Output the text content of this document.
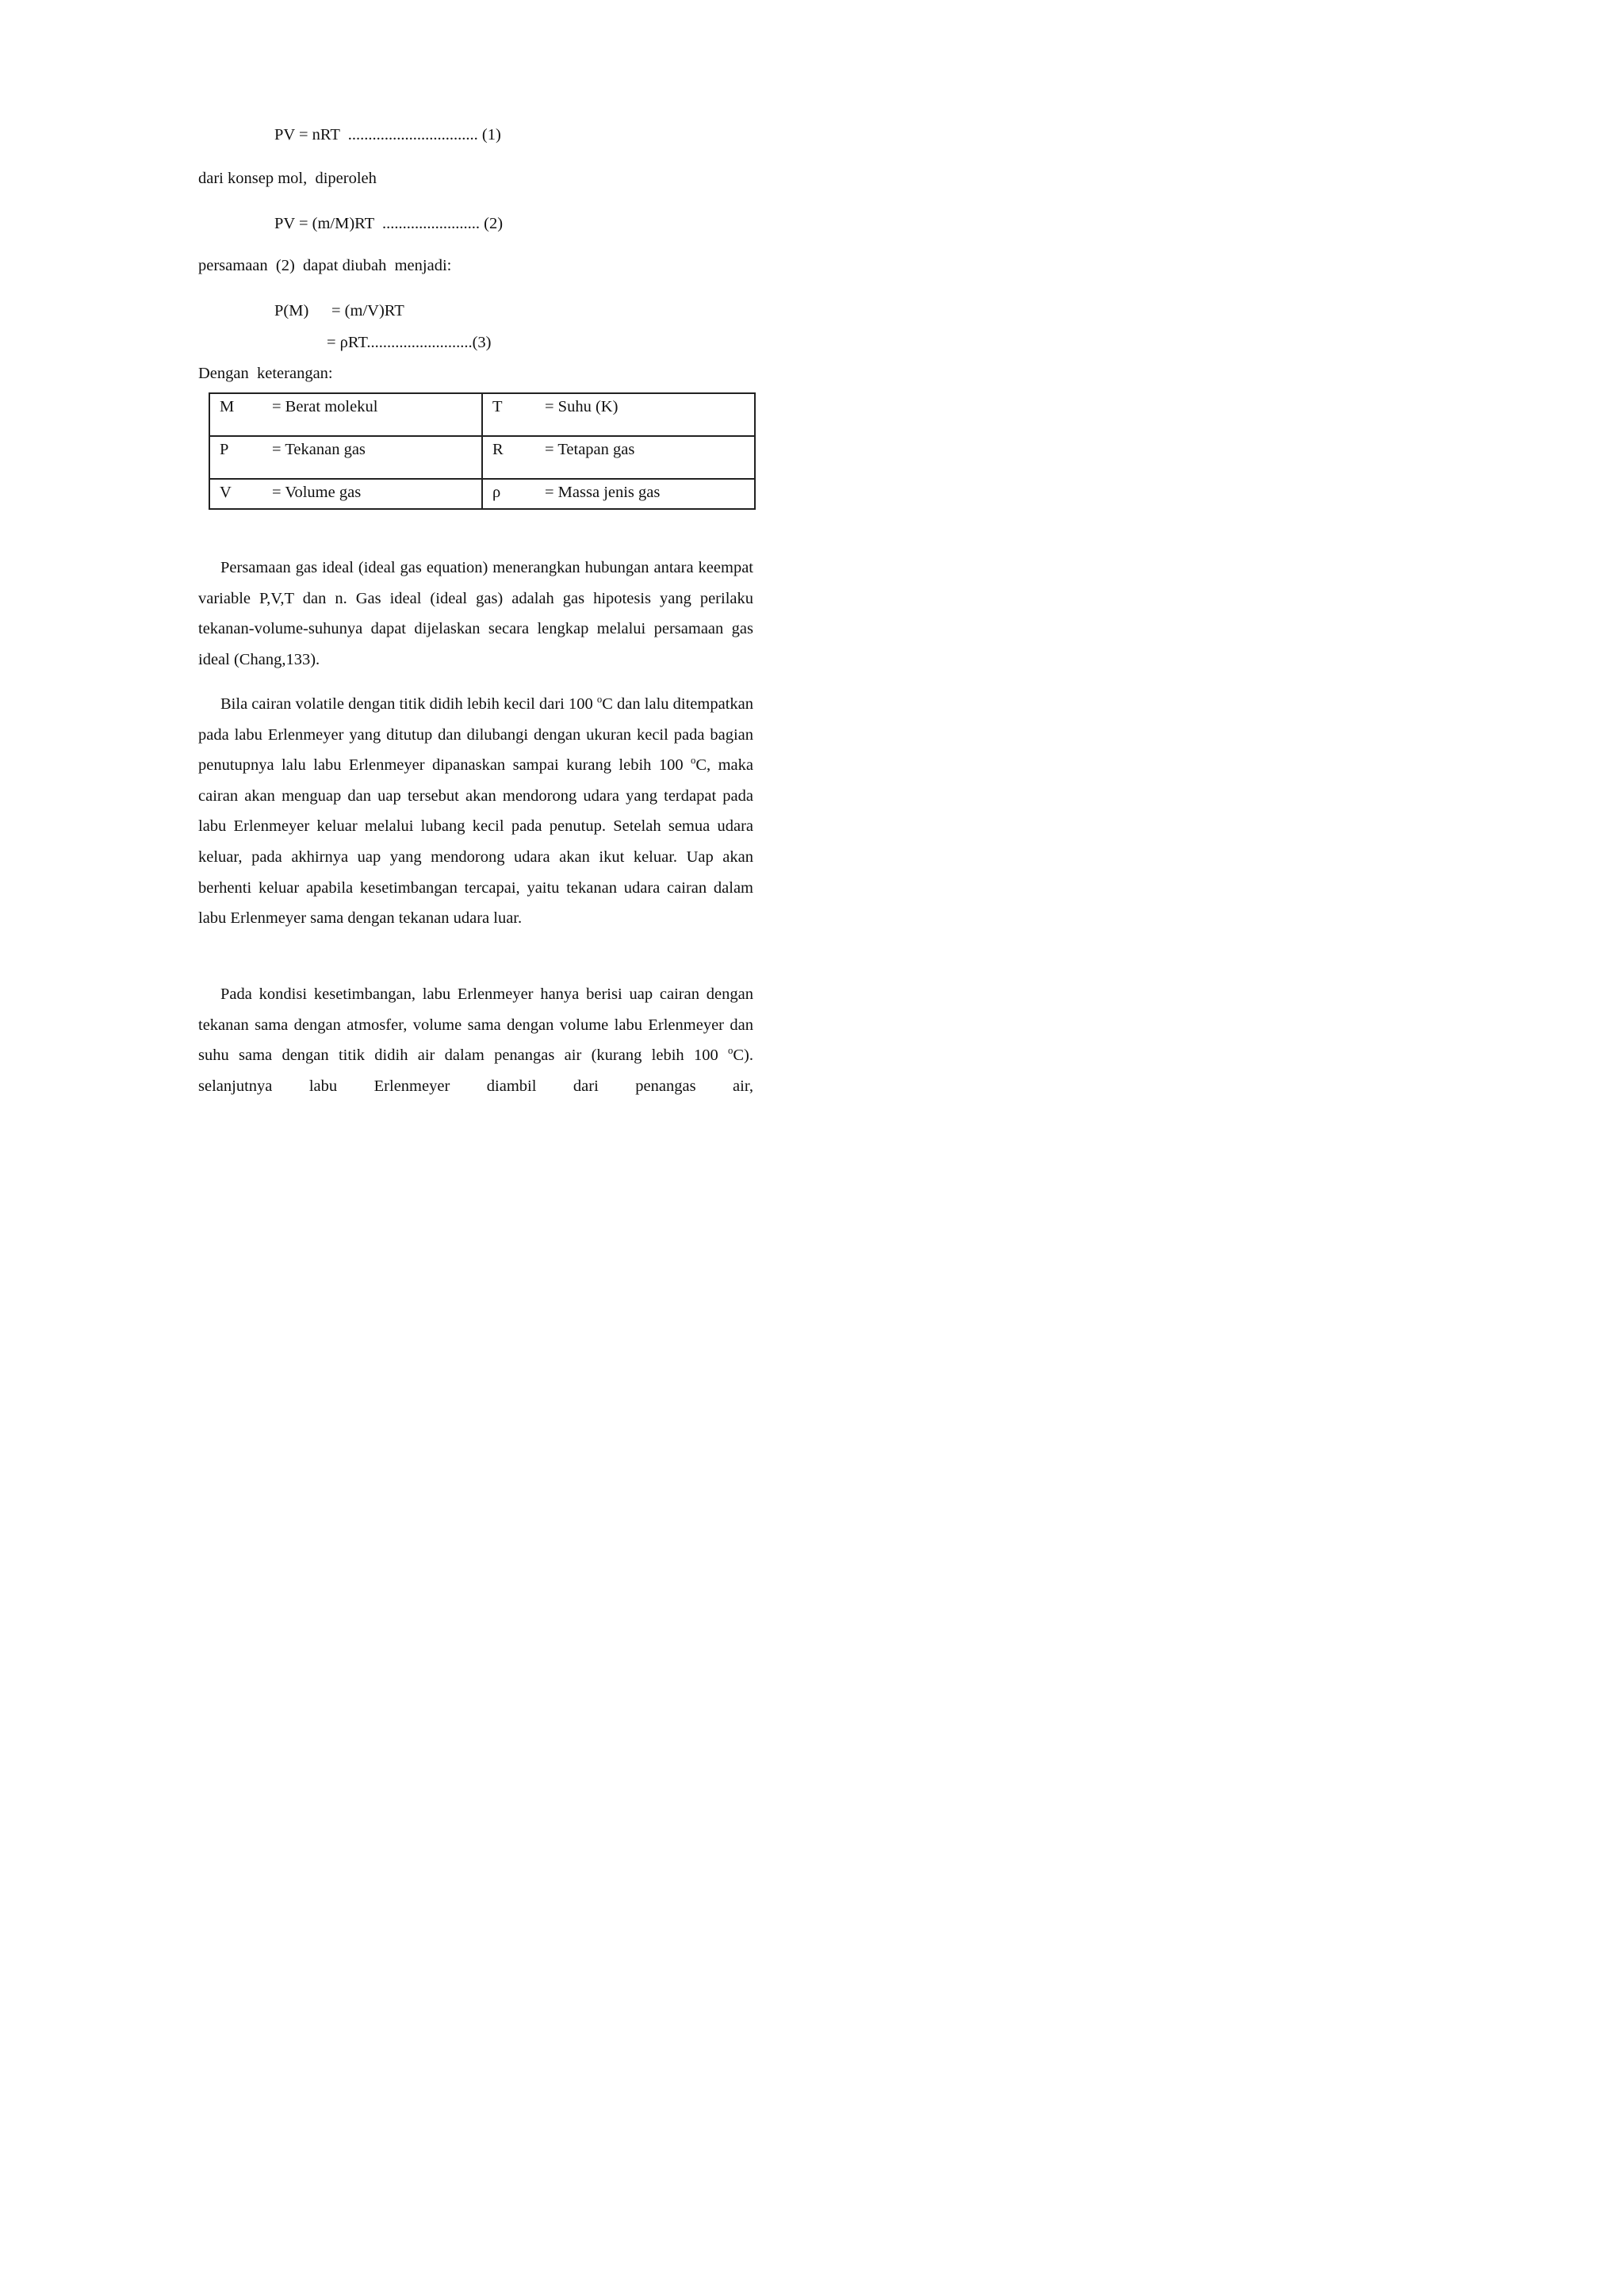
PV = nRT  ................................ (1)
dari konsep mol,  diperoleh
PV = (m/M)RT  ........................ (2)
persamaan  (2)  dapat diubah  menjadi:
P(M) = (m/V)RT
= ρRT..........................(3)
Dengan  keterangan:
M = Berat molekul	T = Suhu (K)

P = Tekanan gas	R = Tetapan gas

V = Volume gas	ρ = Massa jenis gas

Persamaan gas ideal (ideal gas equation) menerangkan hubungan antara keempat variable P,V,T dan n. Gas ideal (ideal gas) adalah gas hipotesis yang perilaku tekanan-volume-suhunya dapat dijelaskan secara lengkap melalui persamaan gas ideal (Chang,133).

Bila cairan volatile dengan titik didih lebih kecil dari 100 $^o$C dan lalu ditempatkan pada labu Erlenmeyer yang ditutup dan dilubangi dengan ukuran kecil pada bagian penutupnya lalu labu Erlenmeyer dipanaskan sampai kurang lebih 100 $^o$C, maka cairan akan menguap dan uap tersebut akan mendorong udara yang terdapat pada labu Erlenmeyer keluar melalui lubang kecil pada penutup. Setelah semua udara keluar, pada akhirnya uap yang mendorong udara akan ikut keluar. Uap akan berhenti keluar apabila kesetimbangan tercapai, yaitu tekanan udara cairan dalam labu Erlenmeyer sama dengan tekanan udara luar.

Pada kondisi kesetimbangan, labu Erlenmeyer hanya berisi uap cairan dengan tekanan sama dengan atmosfer, volume sama dengan volume labu Erlenmeyer dan suhu sama dengan titik didih air dalam penangas air (kurang lebih 100 $^o$C). selanjutnya labu Erlenmeyer diambil dari penangas air,
